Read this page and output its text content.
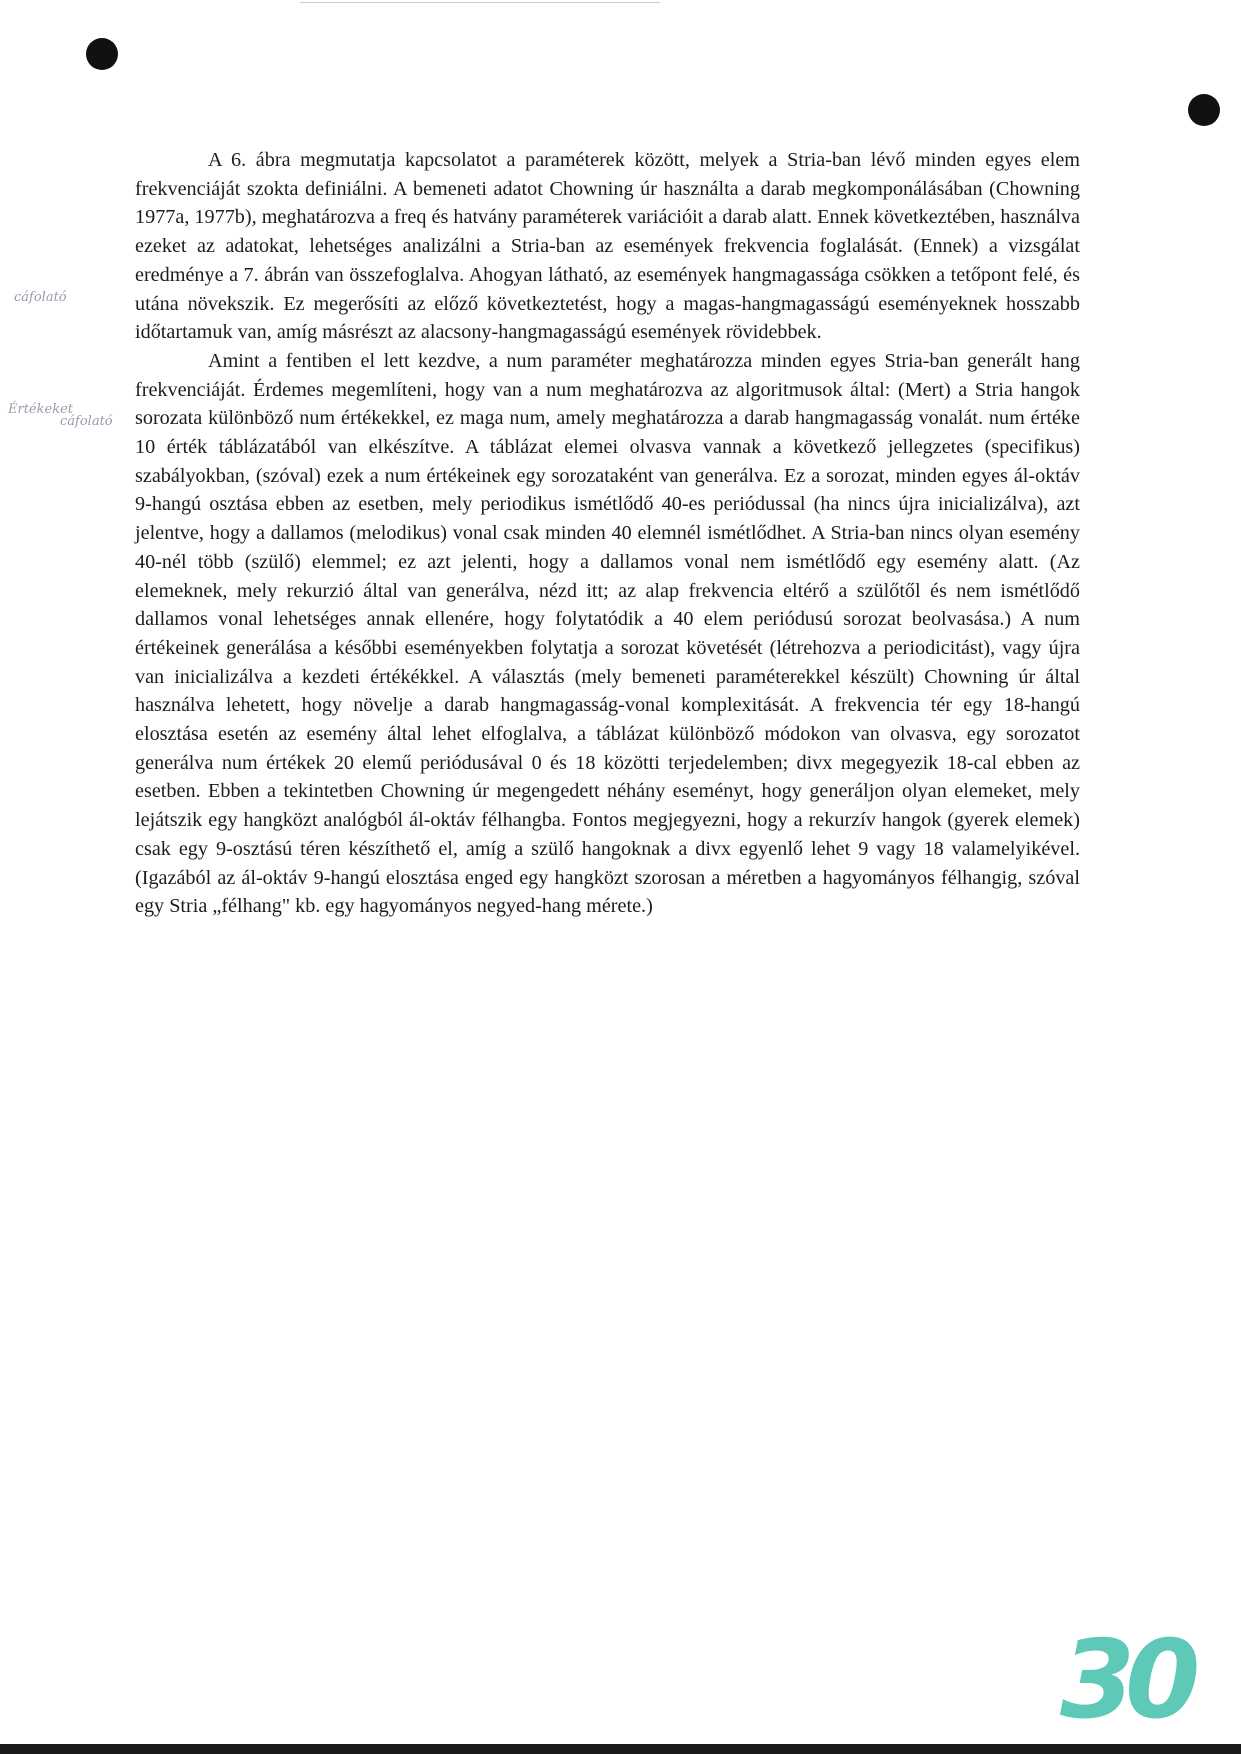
cáfolató
Értékeket
cáfolató

A 6. ábra megmutatja kapcsolatot a paraméterek között, melyek a Stria-ban lévő minden egyes elem frekvenciáját szokta definiálni. A bemeneti adatot Chowning úr használta a darab megkomponálásában (Chowning 1977a, 1977b), meghatározva a freq és hatvány paraméterek variációit a darab alatt. Ennek következtében, használva ezeket az adatokat, lehetséges analizálni a Stria-ban az események frekvencia foglalását. (Ennek) a vizsgálat eredménye a 7. ábrán van összefoglalva. Ahogyan látható, az események hangmagassága csökken a tetőpont felé, és utána növekszik. Ez megerősíti az előző következtetést, hogy a magas-hangmagasságú eseményeknek hosszabb időtartamuk van, amíg másrészt az alacsony-hangmagasságú események rövidebbek.

Amint a fentiben el lett kezdve, a num paraméter meghatározza minden egyes Stria-ban generált hang frekvenciáját. Érdemes megemlíteni, hogy van a num meghatározva az algoritmusok által: (Mert) a Stria hangok sorozata különböző num értékekkel, ez maga num, amely meghatározza a darab hangmagasság vonalát. num értéke 10 érték táblázatából van elkészítve. A táblázat elemei olvasva vannak a következő jellegzetes (specifikus) szabályokban, (szóval) ezek a num értékeinek egy sorozataként van generálva. Ez a sorozat, minden egyes ál-oktáv 9-hangú osztása ebben az esetben, mely periodikus ismétlődő 40-es periódussal (ha nincs újra inicializálva), azt jelentve, hogy a dallamos (melodikus) vonal csak minden 40 elemnél ismétlődhet. A Stria-ban nincs olyan esemény 40-nél több (szülő) elemmel; ez azt jelenti, hogy a dallamos vonal nem ismétlődő egy esemény alatt. (Az elemeknek, mely rekurzió által van generálva, nézd itt; az alap frekvencia eltérő a szülőtől és nem ismétlődő dallamos vonal lehetséges annak ellenére, hogy folytatódik a 40 elem periódusú sorozat beolvasása.) A num értékeinek generálása a későbbi eseményekben folytatja a sorozat követését (létrehozva a periodicitást), vagy újra van inicializálva a kezdeti értékékkel. A választás (mely bemeneti paraméterekkel készült) Chowning úr által használva lehetett, hogy növelje a darab hangmagasság-vonal komplexitását. A frekvencia tér egy 18-hangú elosztása esetén az esemény által lehet elfoglalva, a táblázat különböző módokon van olvasva, egy sorozatot generálva num értékek 20 elemű periódusával 0 és 18 közötti terjedelemben; divx megegyezik 18-cal ebben az esetben. Ebben a tekintetben Chowning úr megengedett néhány eseményt, hogy generáljon olyan elemeket, mely lejátszik egy hangközt analógból ál-oktáv félhangba. Fontos megjegyezni, hogy a rekurzív hangok (gyerek elemek) csak egy 9-osztású téren készíthető el, amíg a szülő hangoknak a divx egyenlő lehet 9 vagy 18 valamelyikével. (Igazából az ál-oktáv 9-hangú elosztása enged egy hangközt szorosan a méretben a hagyományos félhangig, szóval egy Stria „félhang" kb. egy hagyományos negyed-hang mérete.)

30
